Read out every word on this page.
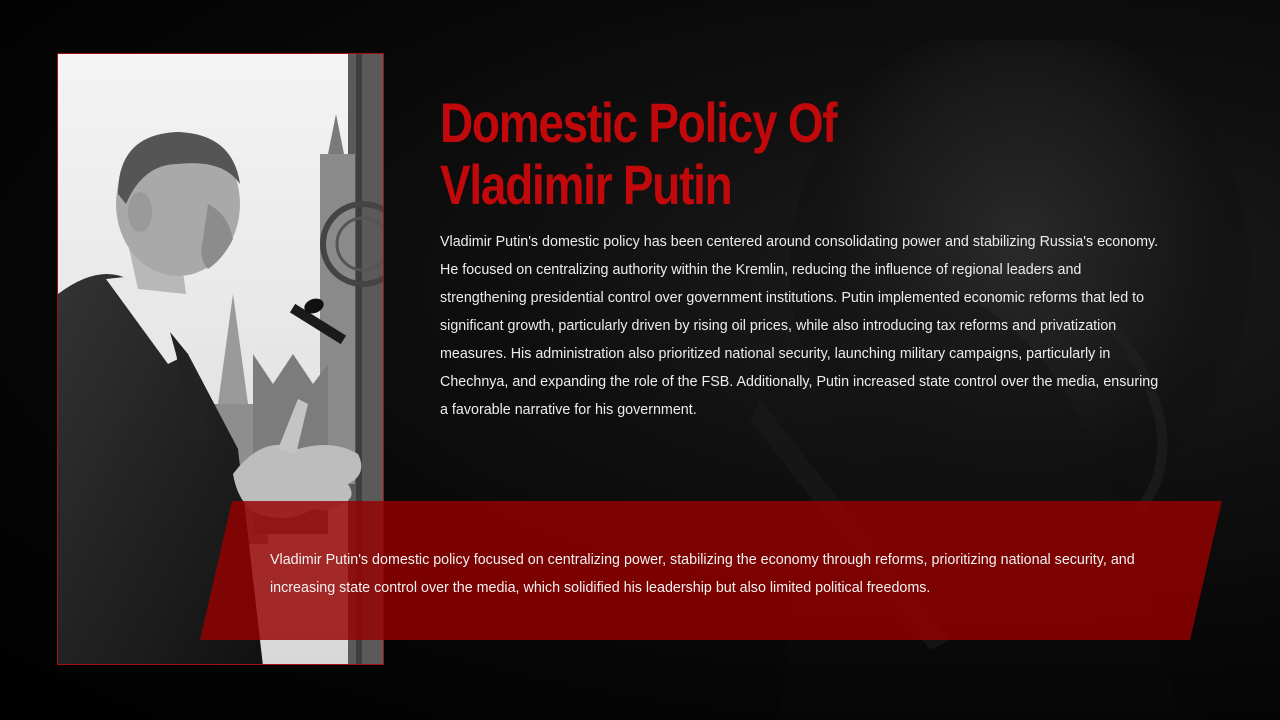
Domestic Policy Of Vladimir Putin

Vladimir Putin's domestic policy has been centered around consolidating power and stabilizing Russia's economy. He focused on centralizing authority within the Kremlin, reducing the influence of regional leaders and strengthening presidential control over government institutions. Putin implemented economic reforms that led to significant growth, particularly driven by rising oil prices, while also introducing tax reforms and privatization measures. His administration also prioritized national security, launching military campaigns, particularly in Chechnya, and expanding the role of the FSB. Additionally, Putin increased state control over the media, ensuring a favorable narrative for his government.

Vladimir Putin's domestic policy focused on centralizing power, stabilizing the economy through reforms, prioritizing national security, and increasing state control over the media, which solidified his leadership but also limited political freedoms.
